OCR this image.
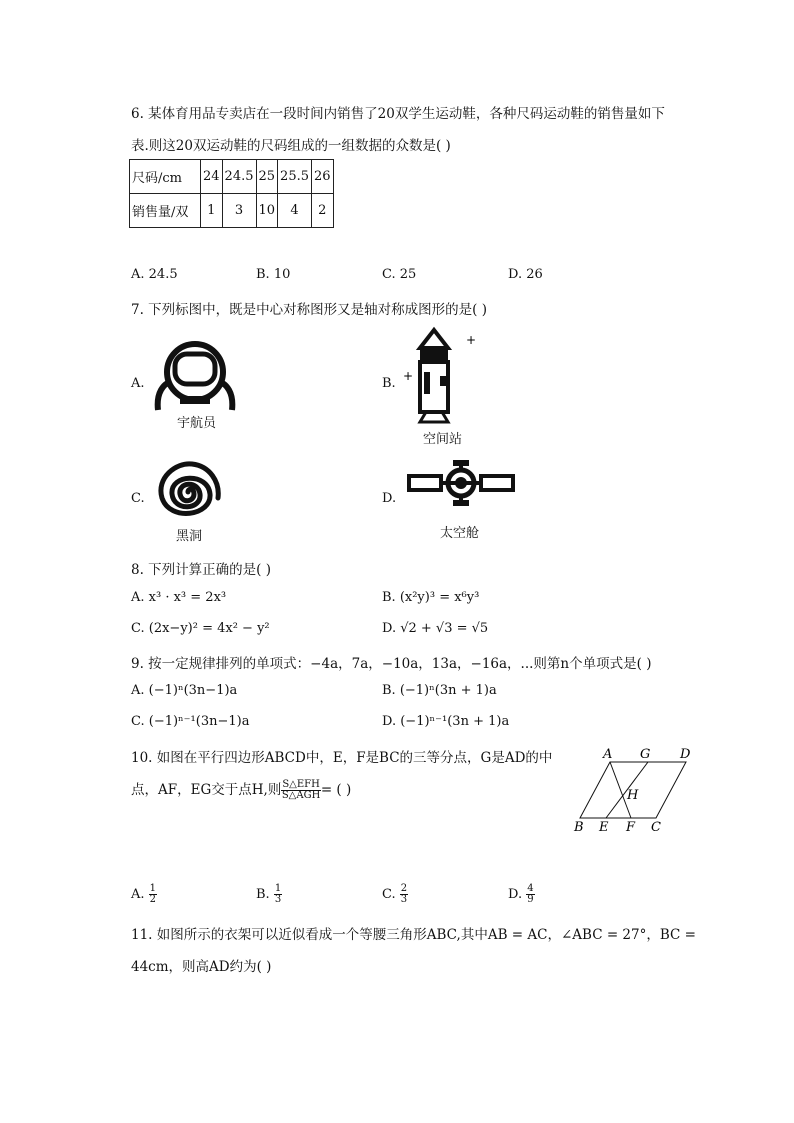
6. 某体育用品专卖店在一段时间内销售了20双学生运动鞋，各种尺码运动鞋的销售量如下
表.则这20双运动鞋的尺码组成的一组数据的众数是( )
尺码/cm	24	24.5	25	25.5	26
销售量/双	1	3	10	4	2
A. 24.5	B. 10	C. 25	D. 26
7. 下列标图中，既是中心对称图形又是轴对称成图形的是( )
A.
宇航员
B.
+
+
空间站
C.
黑洞
D.
太空舱
8. 下列计算正确的是( )
A. x³ · x³ = 2x³	B. (x²y)³ = x⁶y³
C. (2x−y)² = 4x² − y²	D. √2 + √3 = √5
9. 按一定规律排列的单项式：−4a，7a，−10a，13a，−16a，...则第n个单项式是( )
A. (−1)ⁿ(3n−1)a	B. (−1)ⁿ(3n + 1)a
C. (−1)ⁿ⁻¹(3n−1)a	D. (−1)ⁿ⁻¹(3n + 1)a
10. 如图在平行四边形ABCD中，E，F是BC的三等分点，G是AD的中
点，AF，EG交于点H,则 $\frac{\text{S△EFH}}{\text{S△AGH}}$ = ( )
A G D
H
B E F C
A. $\frac{1}{2}$	B. $\frac{1}{3}$	C. $\frac{2}{3}$	D. $\frac{4}{9}$
11. 如图所示的衣架可以近似看成一个等腰三角形ABC,其中AB = AC，∠ABC = 27°，BC =
44cm，则高AD约为( )
